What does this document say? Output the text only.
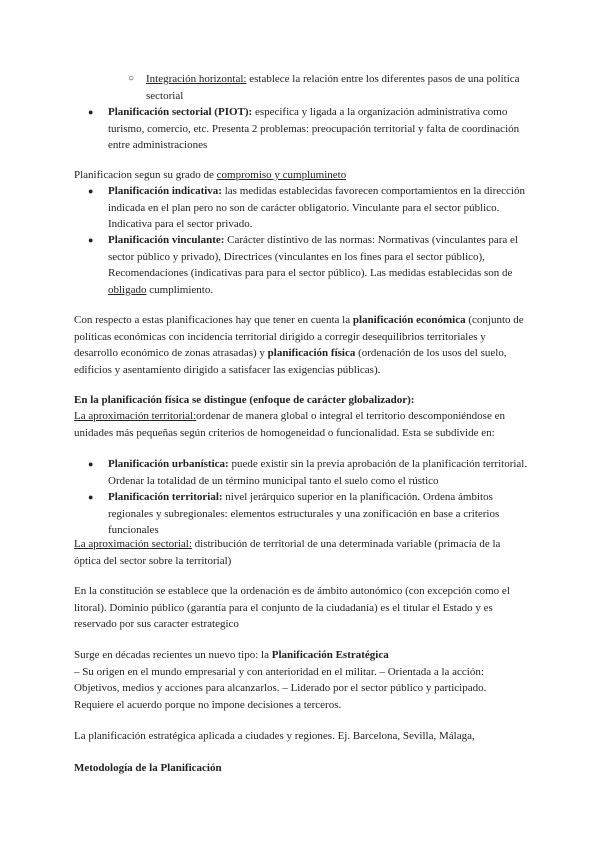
○ Integración horizontal: establece la relación entre los diferentes pasos de una política sectorial

● Planificación sectorial (PIOT): especifica y ligada a la organización administrativa como turismo, comercio, etc. Presenta 2 problemas: preocupación territorial y falta de coordinación entre administraciones

Planificacion segun su grado de compromiso y cumplumineto

● Planificación indicativa: las medidas establecidas favorecen comportamientos en la dirección indicada en el plan pero no son de carácter obligatorio. Vinculante para el sector público. Indicativa para el sector privado.

● Planificación vinculante: Carácter distintivo de las normas: Normativas (vinculantes para el sector público y privado), Directrices (vinculantes en los fines para el sector público), Recomendaciones (indicativas para para el sector público). Las medidas establecidas son de obligado cumplimiento.

Con respecto a estas planificaciones hay que tener en cuenta la planificación económica (conjunto de políticas económicas con incidencia territorial dirigido a corregir desequilibrios territoriales y desarrollo económico de zonas atrasadas) y planificación física (ordenación de los usos del suelo, edificios y asentamiento dirigido a satisfacer las exigencias públicas).

En la planificación física se distingue (enfoque de carácter globalizador):

La aproximación territorial:ordenar de manera global o integral el territorio descomponiéndose en unidades más pequeñas según criterios de homogeneidad o funcionalidad. Esta se subdivide en:

● Planificación urbanística: puede existir sin la previa aprobación de la planificación territorial. Ordenar la totalidad de un término municipal tanto el suelo como el rústico

● Planificación territorial: nivel jerárquico superior en la planificación. Ordena ámbitos regionales y subregionales: elementos estructurales y una zonificación en base a criterios funcionales

La aproximación sectorial: distribución de territorial de una determinada variable (primacía de la óptica del sector sobre la territorial)

En la constitución se establece que la ordenación es de ámbito autonómico (con excepción como el litoral). Dominio público (garantía para el conjunto de la ciudadanía) es el titular el Estado y es reservado por sus caracter estrategico

Surge en décadas recientes un nuevo tipo: la Planificación Estratégica

– Su origen en el mundo empresarial y con anterioridad en el militar. – Orientada a la acción: Objetivos, medios y acciones para alcanzarlos. – Liderado por el sector público y participado. Requiere el acuerdo porque no impone decisiones a terceros.

La planificación estratégica aplicada a ciudades y regiones. Ej. Barcelona, Sevilla, Málaga,

Metodología de la Planificación
